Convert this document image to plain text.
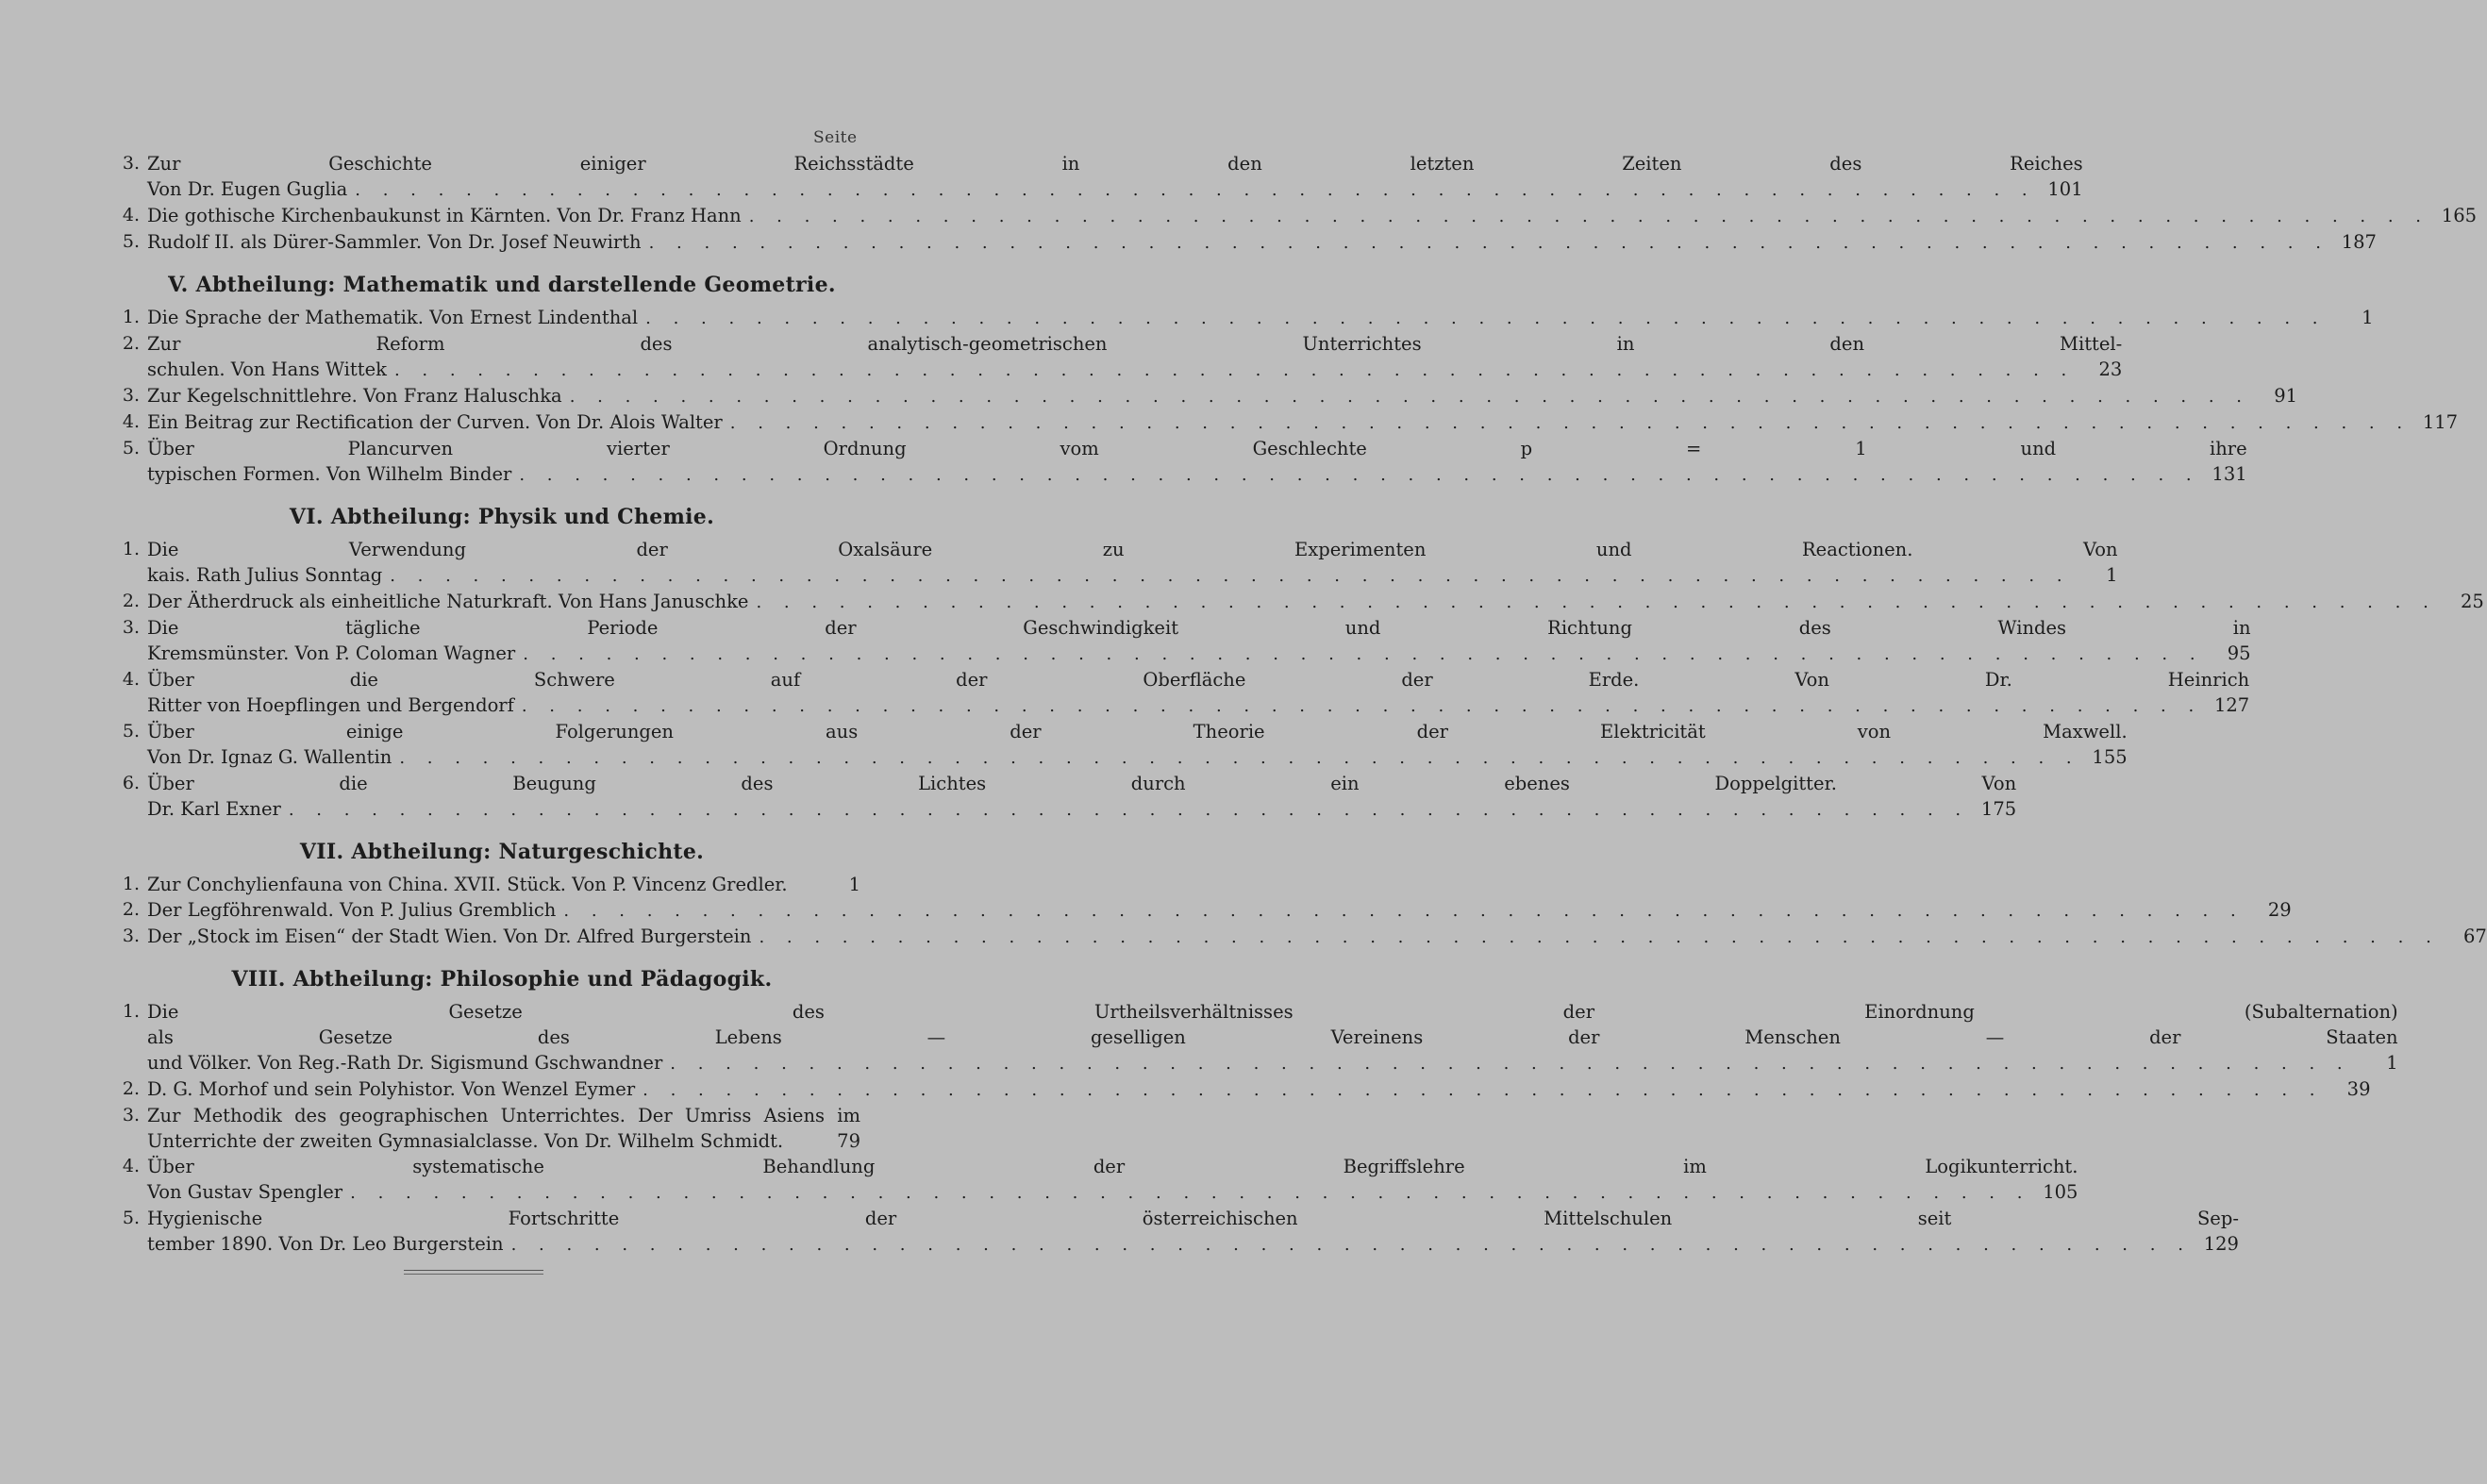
Seite
3. Zur Geschichte einiger Reichsstädte in den letzten Zeiten des Reiches
Von Dr. Eugen Guglia . . .	101
4. Die gothische Kirchenbaukunst in Kärnten. Von Dr. Franz Hann . . .	165
5. Rudolf II. als Dürer-Sammler. Von Dr. Josef Neuwirth . . .	187
V. Abtheilung: Mathematik und darstellende Geometrie.
1. Die Sprache der Mathematik. Von Ernest Lindenthal . . .	1
2. Zur Reform des analytisch-geometrischen Unterrichtes in den Mittel-
schulen. Von Hans Wittek . . .	23
3. Zur Kegelschnittlehre. Von Franz Haluschka . . .	91
4. Ein Beitrag zur Rectification der Curven. Von Dr. Alois Walter . . .	117
5. Über Plancurven vierter Ordnung vom Geschlechte p = 1 und ihre
typischen Formen. Von Wilhelm Binder . . .	131
VI. Abtheilung: Physik und Chemie.
1. Die Verwendung der Oxalsäure zu Experimenten und Reactionen. Von
kais. Rath Julius Sonntag . . .	1
2. Der Ätherdruck als einheitliche Naturkraft. Von Hans Januschke . . .	25
3. Die tägliche Periode der Geschwindigkeit und Richtung des Windes in
Kremsmünster. Von P. Coloman Wagner . . .	95
4. Über die Schwere auf der Oberfläche der Erde. Von Dr. Heinrich
Ritter von Hoepflingen und Bergendorf . . .	127
5. Über einige Folgerungen aus der Theorie der Elektricität von Maxwell.
Von Dr. Ignaz G. Wallentin . . .	155
6. Über die Beugung des Lichtes durch ein ebenes Doppelgitter. Von
Dr. Karl Exner . . .	175
VII. Abtheilung: Naturgeschichte.
1. Zur Conchylienfauna von China. XVII. Stück. Von P. Vincenz Gredler.	1
2. Der Legföhrenwald. Von P. Julius Gremblich . . .	29
3. Der „Stock im Eisen“ der Stadt Wien. Von Dr. Alfred Burgerstein . . .	67
VIII. Abtheilung: Philosophie und Pädagogik.
1. Die Gesetze des Urtheilsverhältnisses der Einordnung (Subalternation)
als Gesetze des Lebens — geselligen Vereinens der Menschen — der Staaten
und Völker. Von Reg.-Rath Dr. Sigismund Gschwandner . . .	1
2. D. G. Morhof und sein Polyhistor. Von Wenzel Eymer . . .	39
3. Zur Methodik des geographischen Unterrichtes. Der Umriss Asiens im
Unterrichte der zweiten Gymnasialclasse. Von Dr. Wilhelm Schmidt.	79
4. Über systematische Behandlung der Begriffslehre im Logikunterricht.
Von Gustav Spengler . . .	105
5. Hygienische Fortschritte der österreichischen Mittelschulen seit Sep-
tember 1890. Von Dr. Leo Burgerstein . . .	129
